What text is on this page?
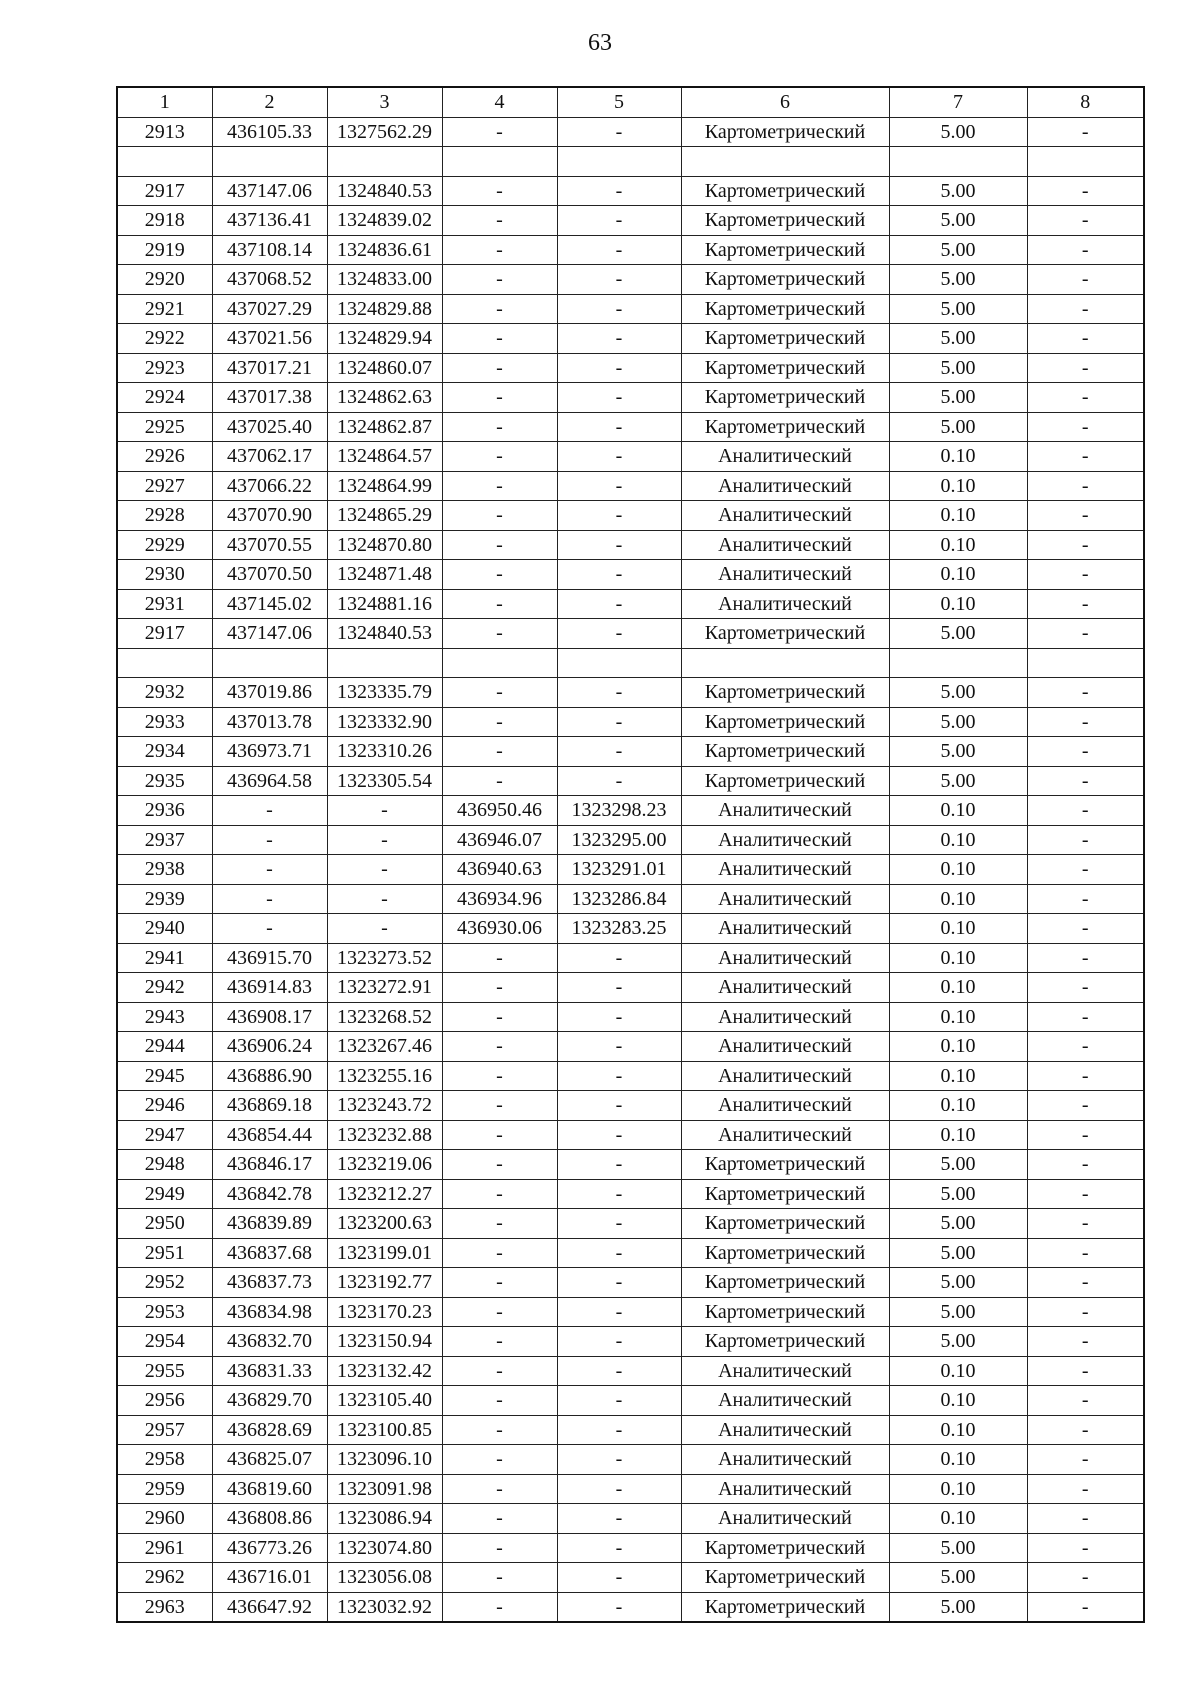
63
1	2	3	4	5	6	7	8
2913	436105.33	1327562.29	-	-	Картометрический	5.00	-

2917	437147.06	1324840.53	-	-	Картометрический	5.00	-
2918	437136.41	1324839.02	-	-	Картометрический	5.00	-
2919	437108.14	1324836.61	-	-	Картометрический	5.00	-
2920	437068.52	1324833.00	-	-	Картометрический	5.00	-
2921	437027.29	1324829.88	-	-	Картометрический	5.00	-
2922	437021.56	1324829.94	-	-	Картометрический	5.00	-
2923	437017.21	1324860.07	-	-	Картометрический	5.00	-
2924	437017.38	1324862.63	-	-	Картометрический	5.00	-
2925	437025.40	1324862.87	-	-	Картометрический	5.00	-
2926	437062.17	1324864.57	-	-	Аналитический	0.10	-
2927	437066.22	1324864.99	-	-	Аналитический	0.10	-
2928	437070.90	1324865.29	-	-	Аналитический	0.10	-
2929	437070.55	1324870.80	-	-	Аналитический	0.10	-
2930	437070.50	1324871.48	-	-	Аналитический	0.10	-
2931	437145.02	1324881.16	-	-	Аналитический	0.10	-
2917	437147.06	1324840.53	-	-	Картометрический	5.00	-

2932	437019.86	1323335.79	-	-	Картометрический	5.00	-
2933	437013.78	1323332.90	-	-	Картометрический	5.00	-
2934	436973.71	1323310.26	-	-	Картометрический	5.00	-
2935	436964.58	1323305.54	-	-	Картометрический	5.00	-
2936	-	-	436950.46	1323298.23	Аналитический	0.10	-
2937	-	-	436946.07	1323295.00	Аналитический	0.10	-
2938	-	-	436940.63	1323291.01	Аналитический	0.10	-
2939	-	-	436934.96	1323286.84	Аналитический	0.10	-
2940	-	-	436930.06	1323283.25	Аналитический	0.10	-
2941	436915.70	1323273.52	-	-	Аналитический	0.10	-
2942	436914.83	1323272.91	-	-	Аналитический	0.10	-
2943	436908.17	1323268.52	-	-	Аналитический	0.10	-
2944	436906.24	1323267.46	-	-	Аналитический	0.10	-
2945	436886.90	1323255.16	-	-	Аналитический	0.10	-
2946	436869.18	1323243.72	-	-	Аналитический	0.10	-
2947	436854.44	1323232.88	-	-	Аналитический	0.10	-
2948	436846.17	1323219.06	-	-	Картометрический	5.00	-
2949	436842.78	1323212.27	-	-	Картометрический	5.00	-
2950	436839.89	1323200.63	-	-	Картометрический	5.00	-
2951	436837.68	1323199.01	-	-	Картометрический	5.00	-
2952	436837.73	1323192.77	-	-	Картометрический	5.00	-
2953	436834.98	1323170.23	-	-	Картометрический	5.00	-
2954	436832.70	1323150.94	-	-	Картометрический	5.00	-
2955	436831.33	1323132.42	-	-	Аналитический	0.10	-
2956	436829.70	1323105.40	-	-	Аналитический	0.10	-
2957	436828.69	1323100.85	-	-	Аналитический	0.10	-
2958	436825.07	1323096.10	-	-	Аналитический	0.10	-
2959	436819.60	1323091.98	-	-	Аналитический	0.10	-
2960	436808.86	1323086.94	-	-	Аналитический	0.10	-
2961	436773.26	1323074.80	-	-	Картометрический	5.00	-
2962	436716.01	1323056.08	-	-	Картометрический	5.00	-
2963	436647.92	1323032.92	-	-	Картометрический	5.00	-
